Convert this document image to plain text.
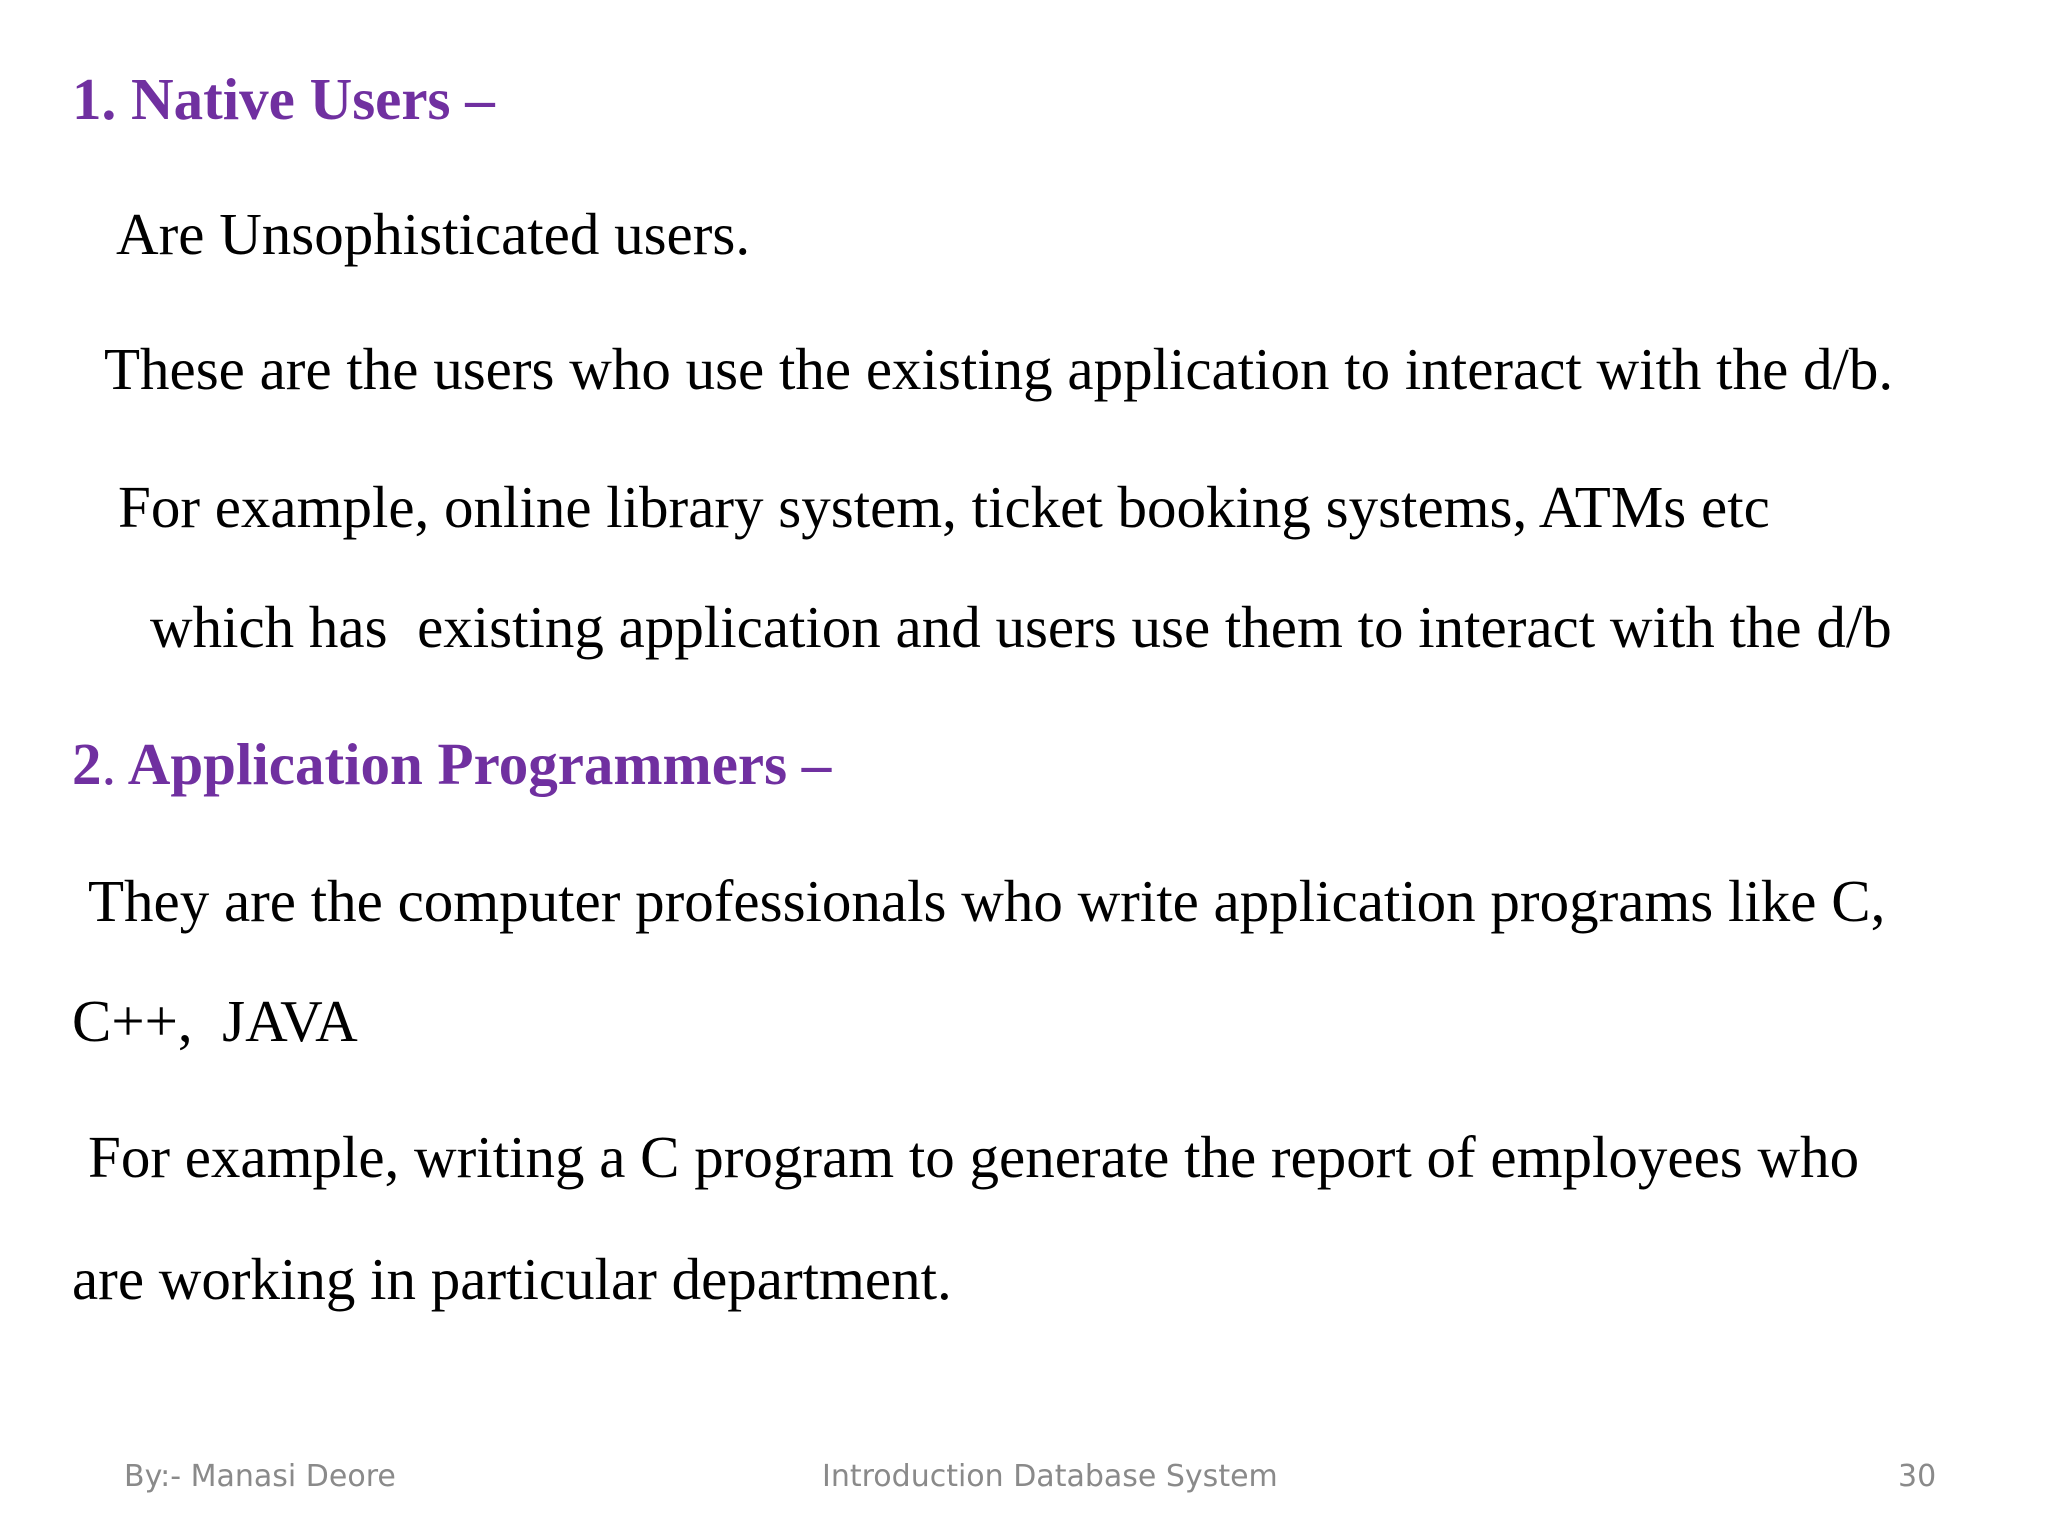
1. Native Users –
Are Unsophisticated users.
These are the users who use the existing application to interact with the d/b.
For example, online library system, ticket booking systems, ATMs etc
which has  existing application and users use them to interact with the d/b
2. Application Programmers –
They are the computer professionals who write application programs like C,
C++,  JAVA
For example, writing a C program to generate the report of employees who
are working in particular department.
By:- Manasi Deore	Introduction Database System	30
